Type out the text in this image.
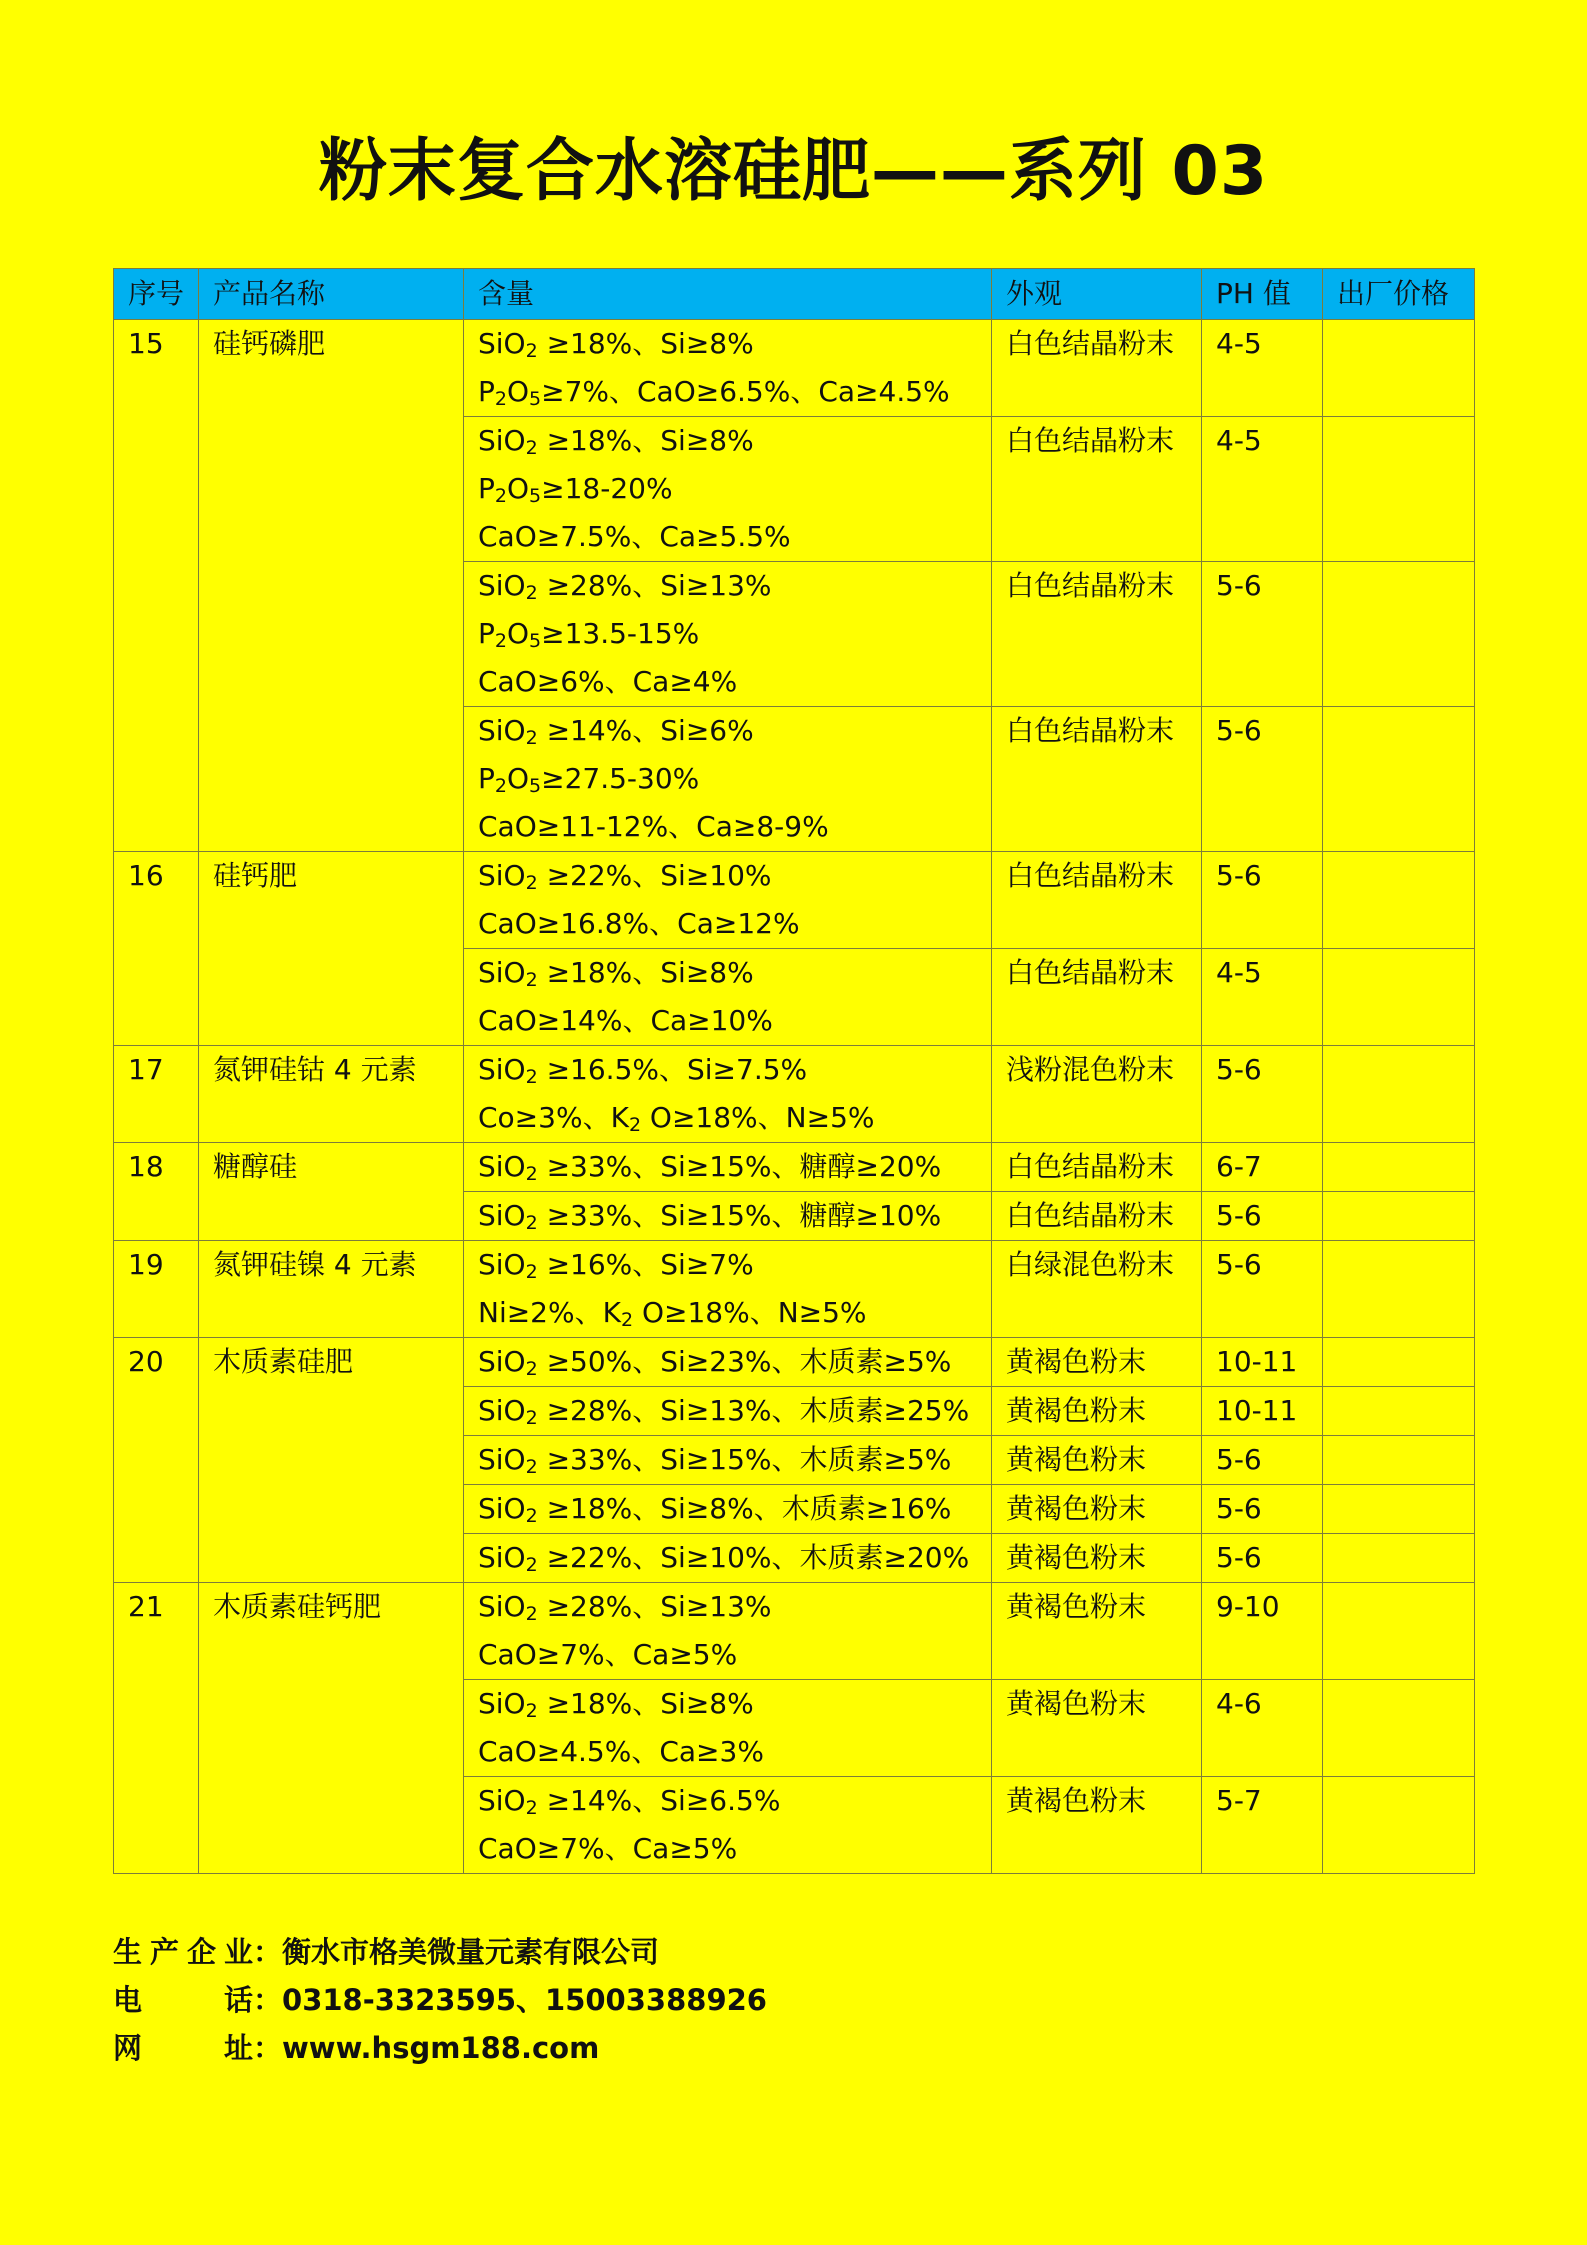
粉末复合水溶硅肥——系列 03
序号	产品名称	含量	外观	PH 值	出厂价格
15	硅钙磷肥	SiO$_2$ ≥18%、Si≥8%
$P_2O_5\ge 7\%$、CaO≥6.5%、Ca≥4.5%	白色结晶粉末	4-5	

		SiO$_2$ ≥18%、Si≥8%
$P_2O_5\ge 18-20\%$
CaO≥7.5%、Ca≥5.5%	白色结晶粉末	4-5	

		SiO$_2$ ≥28%、Si≥13%
$P_2O_5\ge 13.5-15\%$
CaO≥6%、Ca≥4%	白色结晶粉末	5-6	

		SiO$_2$ ≥14%、Si≥6%
$P_2O_5\ge 27.5-30\%$
CaO≥11-12%、Ca≥8-9%	白色结晶粉末	5-6	
16	硅钙肥	SiO$_2$ ≥22%、Si≥10%
CaO≥16.8%、Ca≥12%	白色结晶粉末	5-6	

		SiO$_2$ ≥18%、Si≥8%
CaO≥14%、Ca≥10%	白色结晶粉末	4-5	
17	氮钾硅钴 4 元素	SiO$_2$ ≥16.5%、Si≥7.5%
Co≥3%、$K_2$ O≥18%、N≥5%	浅粉混色粉末	5-6	
18	糖醇硅	SiO$_2$ ≥33%、Si≥15%、糖醇≥20%	白色结晶粉末	6-7	

		SiO$_2$ ≥33%、Si≥15%、糖醇≥10%	白色结晶粉末	5-6	
19	氮钾硅镍 4 元素	SiO$_2$ ≥16%、Si≥7%
Ni≥2%、$K_2$ O≥18%、N≥5%	白绿混色粉末	5-6	
20	木质素硅肥	SiO$_2$ ≥50%、Si≥23%、木质素≥5%	黄褐色粉末	10-11	

		SiO$_2$ ≥28%、Si≥13%、木质素≥25%	黄褐色粉末	10-11	

		SiO$_2$ ≥33%、Si≥15%、木质素≥5%	黄褐色粉末	5-6	

		SiO$_2$ ≥18%、Si≥8%、木质素≥16%	黄褐色粉末	5-6	

		SiO$_2$ ≥22%、Si≥10%、木质素≥20%	黄褐色粉末	5-6	
21	木质素硅钙肥	SiO$_2$ ≥28%、Si≥13%
CaO≥7%、Ca≥5%	黄褐色粉末	9-10	

		SiO$_2$ ≥18%、Si≥8%
CaO≥4.5%、Ca≥3%	黄褐色粉末	4-6	

		SiO$_2$ ≥14%、Si≥6.5%
CaO≥7%、Ca≥5%	黄褐色粉末	5-7	
生 产 企 业 ： 衡水市格美微量元素有限公司
电	话 ： 0318-3323595、15003388926
网	址 ： www.hsgm188.com
